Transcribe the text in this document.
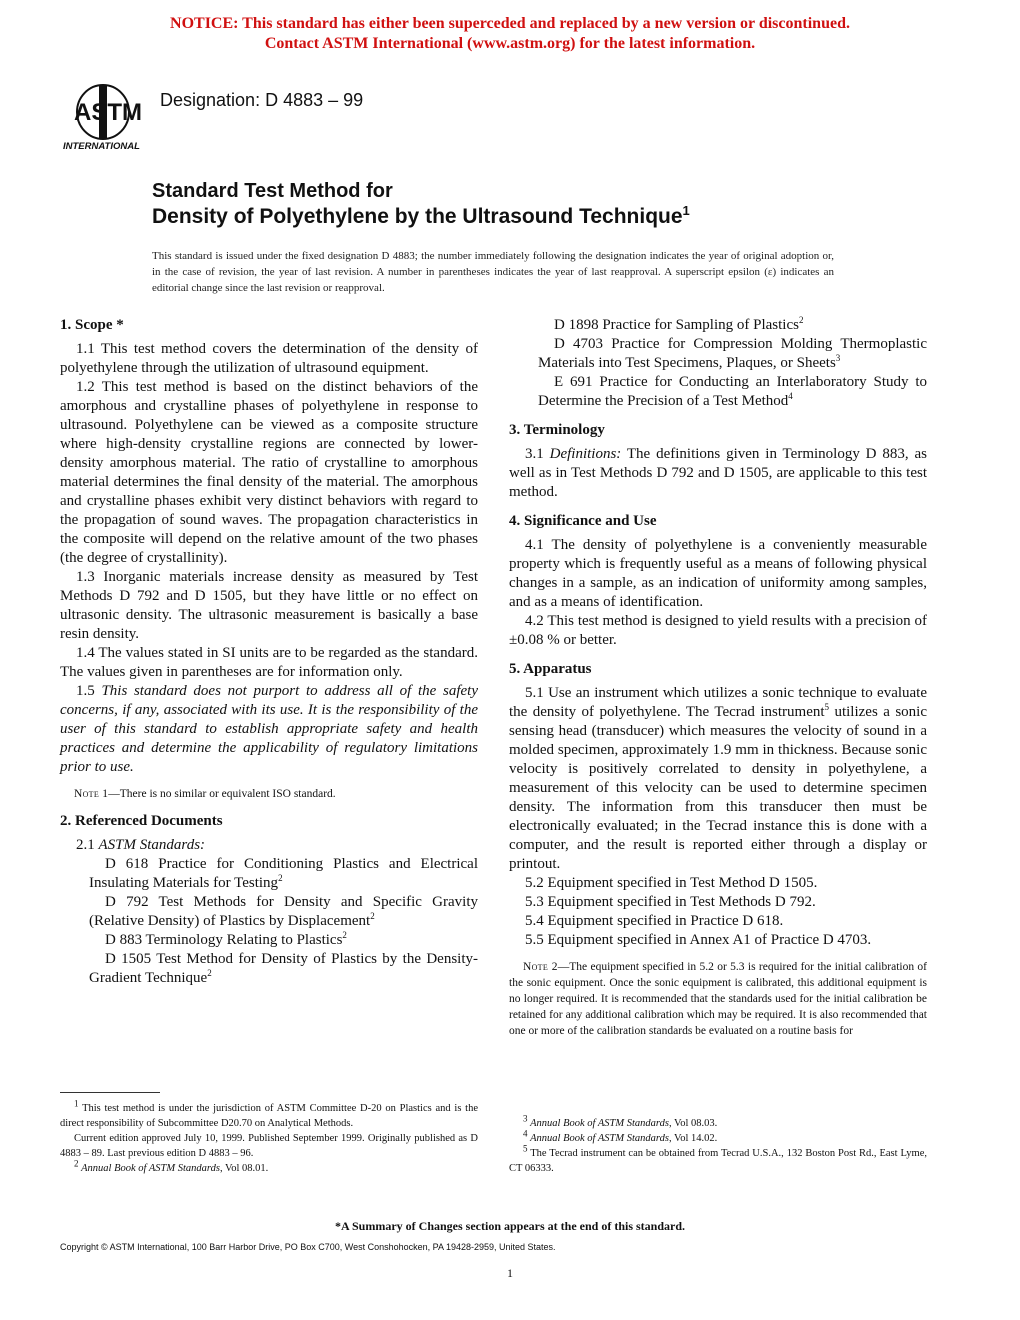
NOTICE: This standard has either been superceded and replaced by a new version or discontinued.
Contact ASTM International (www.astm.org) for the latest information.
ASTM
INTERNATIONAL
Designation: D 4883 – 99
Standard Test Method for
Density of Polyethylene by the Ultrasound Technique$^1$
This standard is issued under the fixed designation D 4883; the number immediately following the designation indicates the year of original adoption or, in the case of revision, the year of last revision. A number in parentheses indicates the year of last reapproval. A superscript epsilon (ε) indicates an editorial change since the last revision or reapproval.
1. Scope *

1.1 This test method covers the determination of the density of polyethylene through the utilization of ultrasound equipment.

1.2 This test method is based on the distinct behaviors of the amorphous and crystalline phases of polyethylene in response to ultrasound. Polyethylene can be viewed as a composite structure where high-density crystalline regions are connected by lower-density amorphous material. The ratio of crystalline to amorphous material determines the final density of the material. The amorphous and crystalline phases exhibit very distinct behaviors with regard to the propagation of sound waves. The propagation characteristics in the composite will depend on the relative amount of the two phases (the degree of crystallinity).

1.3 Inorganic materials increase density as measured by Test Methods D 792 and D 1505, but they have little or no effect on ultrasonic density. The ultrasonic measurement is basically a base resin density.

1.4 The values stated in SI units are to be regarded as the standard. The values given in parentheses are for information only.

1.5 This standard does not purport to address all of the safety concerns, if any, associated with its use. It is the responsibility of the user of this standard to establish appropriate safety and health practices and determine the applicability of regulatory limitations prior to use.

Note 1—There is no similar or equivalent ISO standard.
2. Referenced Documents

2.1 ASTM Standards:

D 618 Practice for Conditioning Plastics and Electrical Insulating Materials for Testing$^2$

D 792 Test Methods for Density and Specific Gravity (Relative Density) of Plastics by Displacement$^2$

D 883 Terminology Relating to Plastics$^2$

D 1505 Test Method for Density of Plastics by the Density-Gradient Technique$^2$

D 1898 Practice for Sampling of Plastics$^2$

D 4703 Practice for Compression Molding Thermoplastic Materials into Test Specimens, Plaques, or Sheets$^3$

E 691 Practice for Conducting an Interlaboratory Study to Determine the Precision of a Test Method$^4$

3. Terminology

3.1 Definitions: The definitions given in Terminology D 883, as well as in Test Methods D 792 and D 1505, are applicable to this test method.

4. Significance and Use

4.1 The density of polyethylene is a conveniently measurable property which is frequently useful as a means of following physical changes in a sample, as an indication of uniformity among samples, and as a means of identification.

4.2 This test method is designed to yield results with a precision of ±0.08 % or better.

5. Apparatus

5.1 Use an instrument which utilizes a sonic technique to evaluate the density of polyethylene. The Tecrad instrument$^5$ utilizes a sonic sensing head (transducer) which measures the velocity of sound in a molded specimen, approximately 1.9 mm in thickness. Because sonic velocity is positively correlated to density in polyethylene, a measurement of this velocity can be used to determine specimen density. The information from this transducer then must be electronically evaluated; in the Tecrad instance this is done with a computer, and the result is reported either through a display or printout.

5.2 Equipment specified in Test Method D 1505.

5.3 Equipment specified in Test Methods D 792.

5.4 Equipment specified in Practice D 618.

5.5 Equipment specified in Annex A1 of Practice D 4703.

Note 2—The equipment specified in 5.2 or 5.3 is required for the initial calibration of the sonic equipment. Once the sonic equipment is calibrated, this additional equipment is no longer required. It is recommended that the standards used for the initial calibration be retained for any additional calibration which may be required. It is also recommended that one or more of the calibration standards be evaluated on a routine basis for

$^1$ This test method is under the jurisdiction of ASTM Committee D-20 on Plastics and is the direct responsibility of Subcommittee D20.70 on Analytical Methods.

Current edition approved July 10, 1999. Published September 1999. Originally published as D 4883 – 89. Last previous edition D 4883 – 96.

$^2$ Annual Book of ASTM Standards, Vol 08.01.

$^3$ Annual Book of ASTM Standards, Vol 08.03.

$^4$ Annual Book of ASTM Standards, Vol 14.02.

$^5$ The Tecrad instrument can be obtained from Tecrad U.S.A., 132 Boston Post Rd., East Lyme, CT 06333.

*A Summary of Changes section appears at the end of this standard.
Copyright © ASTM International, 100 Barr Harbor Drive, PO Box C700, West Conshohocken, PA 19428-2959, United States.
1
